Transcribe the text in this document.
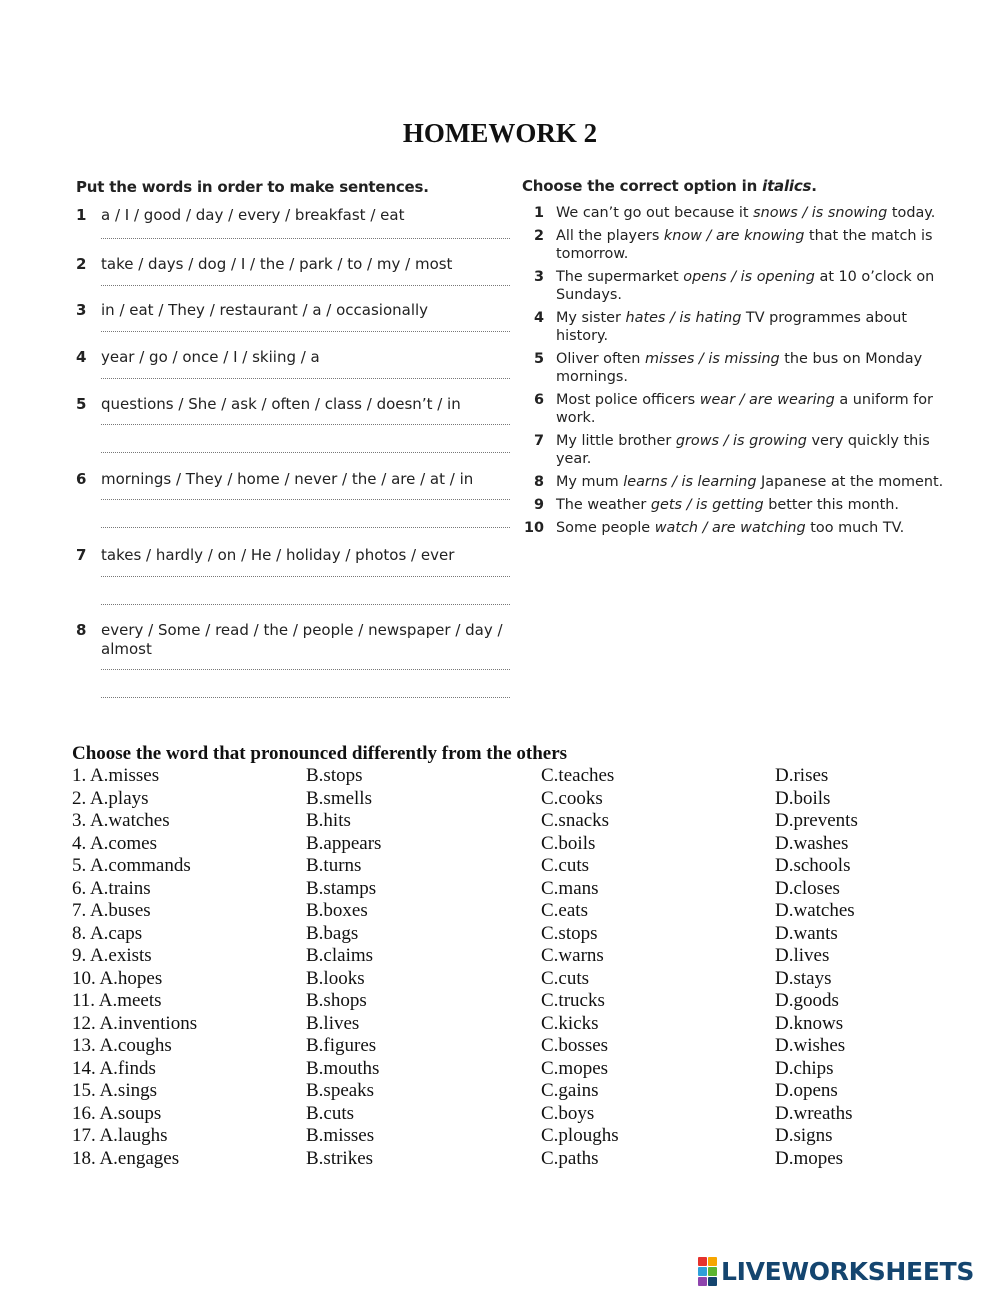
HOMEWORK 2
Put the words in order to make sentences.
1 a / I / good / day / every / breakfast / eat
2 take / days / dog / I / the / park / to / my / most
3 in / eat / They / restaurant / a / occasionally
4 year / go / once / I / skiing / a
5 questions / She / ask / often / class / doesn’t / in
6 mornings / They / home / never / the / are / at / in
7 takes / hardly / on / He / holiday / photos / ever
8 every / Some / read / the / people / newspaper / day / almost
Choose the correct option in italics.
1 We can’t go out because it snows / is snowing today.
2 All the players know / are knowing that the match is tomorrow.
3 The supermarket opens / is opening at 10 o’clock on Sundays.
4 My sister hates / is hating TV programmes about history.
5 Oliver often misses / is missing the bus on Monday mornings.
6 Most police officers wear / are wearing a uniform for work.
7 My little brother grows / is growing very quickly this year.
8 My mum learns / is learning Japanese at the moment.
9 The weather gets / is getting better this month.
10 Some people watch / are watching too much TV.
Choose the word that pronounced differently from the others
1. A.misses	B.stops	C.teaches	D.rises
2. A.plays	B.smells	C.cooks	D.boils
3. A.watches	B.hits	C.snacks	D.prevents
4. A.comes	B.appears	C.boils	D.washes
5. A.commands	B.turns	C.cuts	D.schools
6. A.trains	B.stamps	C.mans	D.closes
7. A.buses	B.boxes	C.eats	D.watches
8. A.caps	B.bags	C.stops	D.wants
9. A.exists	B.claims	C.warns	D.lives
10. A.hopes	B.looks	C.cuts	D.stays
11. A.meets	B.shops	C.trucks	D.goods
12. A.inventions	B.lives	C.kicks	D.knows
13. A.coughs	B.figures	C.bosses	D.wishes
14. A.finds	B.mouths	C.mopes	D.chips
15. A.sings	B.speaks	C.gains	D.opens
16. A.soups	B.cuts	C.boys	D.wreaths
17. A.laughs	B.misses	C.ploughs	D.signs
18. A.engages	B.strikes	C.paths	D.mopes
LIVEWORKSHEETS
